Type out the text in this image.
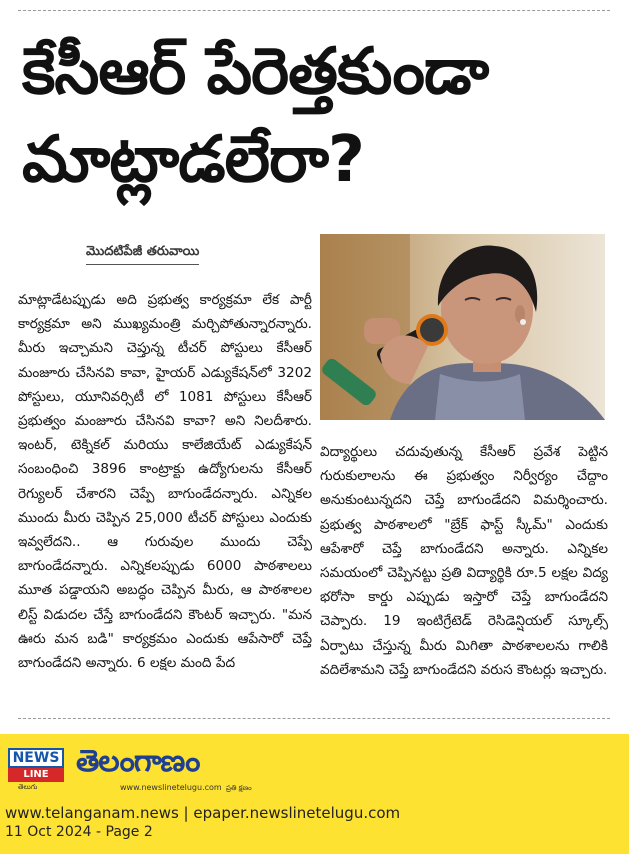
కేసీఆర్ పేరెత్తకుండా
మాట్లాడలేరా?
మొదటిపేజీ తరువాయి
మాట్లాడేటప్పుడు అది ప్రభుత్వ కార్యక్రమా లేక పార్టీ కార్యక్రమా అని ముఖ్యమంత్రి మర్చిపోతున్నారన్నారు. మీరు ఇచ్చామని చెప్తున్న టీచర్ పోస్టులు కేసీఆర్ మంజూరు చేసినవి కావా, హైయర్ ఎడ్యుకేషన్‌లో 3202 పోస్టులు, యూనివర్సిటీ లో 1081 పోస్టులు కేసీఆర్ ప్రభుత్వం మంజూరు చేసినవి కావా? అని నిలదీశారు. ఇంటర్, టెక్నికల్ మరియు కాలేజియేట్ ఎడ్యుకేషన్ సంబంధించి 3896 కాంట్రాక్టు ఉద్యోగులను కేసీఆర్ రెగ్యులర్ చేశారని చెప్పే బాగుండేదన్నారు. ఎన్నికల ముందు మీరు చెప్పిన 25,000 టీచర్ పోస్టులు ఎందుకు ఇవ్వలేదని.. ఆ గురువుల ముందు చెప్పే బాగుండేదన్నారు. ఎన్నికలప్పుడు 6000 పాఠశాలలు మూత పడ్డాయని అబద్ధం చెప్పిన మీరు, ఆ పాఠశాలల లిస్ట్ విడుదల చేస్తే బాగుండేదని కౌంటర్ ఇచ్చారు. "మన ఊరు మన బడి" కార్యక్రమం ఎందుకు ఆపేసారో చెప్తే బాగుండేదని అన్నారు. 6 లక్షల మంది పేద
విద్యార్థులు చదువుతున్న కేసీఆర్ ప్రవేశ పెట్టిన గురుకులాలను ఈ ప్రభుత్వం నిర్వీర్యం చేద్దాం అనుకుంటున్నదని చెప్తే బాగుండేదని విమర్శించారు. ప్రభుత్వ పాఠశాలలో "బ్రేక్ ఫాస్ట్ స్కీమ్" ఎందుకు ఆపేశారో చెప్తే బాగుండేదని అన్నారు. ఎన్నికల సమయంలో చెప్పినట్టు ప్రతి విద్యార్థికి రూ.5 లక్షల విద్య భరోసా కార్డు ఎప్పుడు ఇస్తారో చెప్తే బాగుండేదని చెప్పారు. 19 ఇంటిగ్రేటెడ్ రెసిడెన్షియల్ స్కూల్స్ ఏర్పాటు చేస్తున్న మీరు మిగితా పాఠశాలలను గాలికి వదిలేశామని చెప్తే బాగుండేదని వరుస కౌంటర్లు ఇచ్చారు.
NEWS
LINE
తెలుగు
తెలంగాణం
ప్రతి క్షణం
www.newslinetelugu.com
www.telanganam.news | epaper.newslinetelugu.com
11 Oct 2024 - Page 2
